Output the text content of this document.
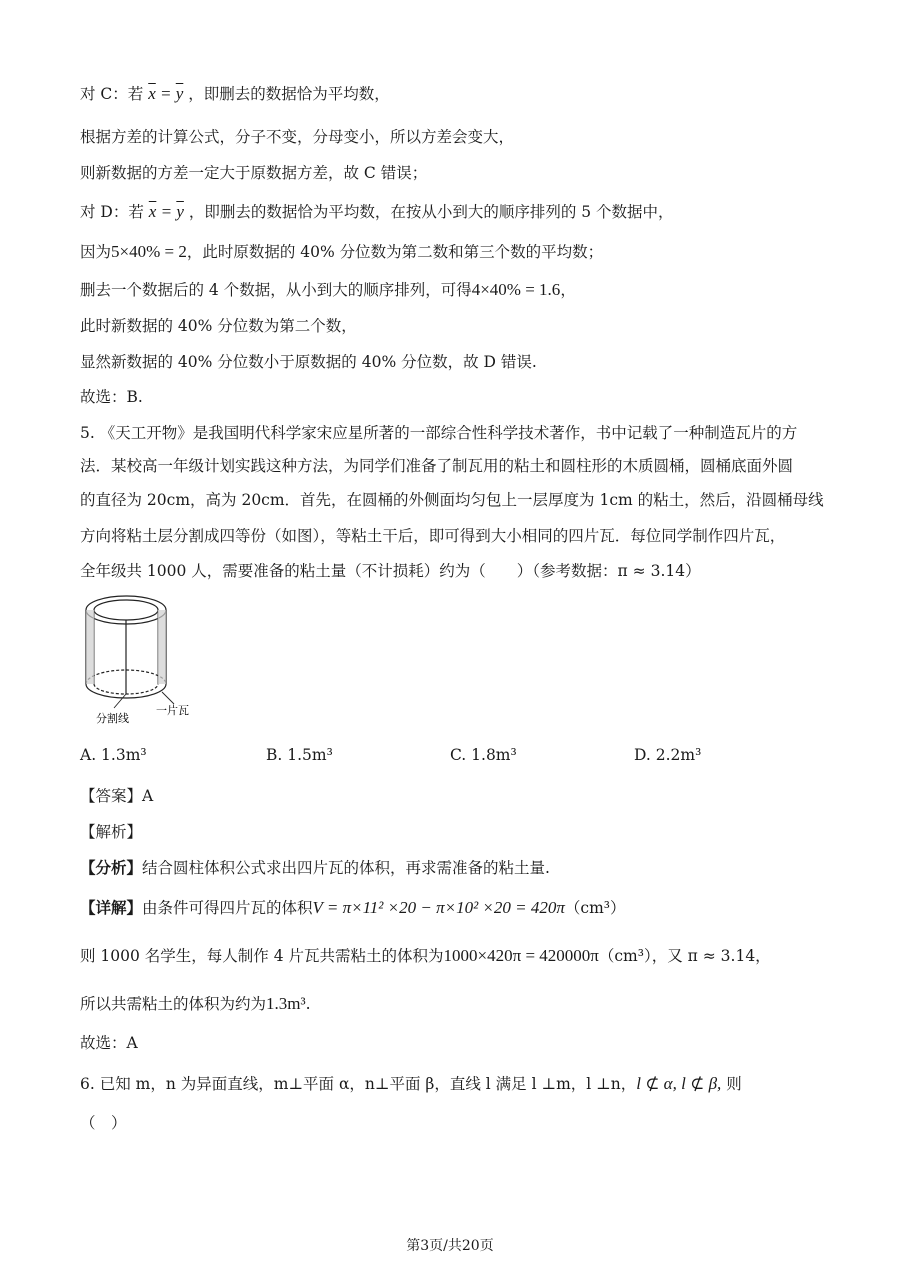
对 C：若 $\overline{x} = \overline{y}$ ，即删去的数据恰为平均数，
根据方差的计算公式，分子不变，分母变小，所以方差会变大，
则新数据的方差一定大于原数据方差，故 C 错误；
对 D：若 $\overline{x} = \overline{y}$ ，即删去的数据恰为平均数，在按从小到大的顺序排列的 5 个数据中，
因为5×40% = 2，此时原数据的 40% 分位数为第二数和第三个数的平均数；
删去一个数据后的 4 个数据，从小到大的顺序排列，可得4×40% = 1.6，
此时新数据的 40% 分位数为第二个数，
显然新数据的 40% 分位数小于原数据的 40% 分位数，故 D 错误.
故选：B.
5. 《天工开物》是我国明代科学家宋应星所著的一部综合性科学技术著作，书中记载了一种制造瓦片的方
法．某校高一年级计划实践这种方法，为同学们准备了制瓦用的粘土和圆柱形的木质圆桶，圆桶底面外圆
的直径为 20cm，高为 20cm．首先，在圆桶的外侧面均匀包上一层厚度为 1cm 的粘土，然后，沿圆桶母线
方向将粘土层分割成四等份（如图），等粘土干后，即可得到大小相同的四片瓦．每位同学制作四片瓦，
全年级共 1000 人，需要准备的粘土量（不计损耗）约为（　　）（参考数据：π ≈ 3.14）
分割线
一片瓦
A. 1.3m³	B. 1.5m³	C. 1.8m³	D. 2.2m³
【答案】A
【解析】
【分析】结合圆柱体积公式求出四片瓦的体积，再求需准备的粘土量.
【详解】由条件可得四片瓦的体积V = π×11² ×20 − π×10² ×20 = 420π（cm³）
则 1000 名学生，每人制作 4 片瓦共需粘土的体积为1000×420π = 420000π（cm³），又 π ≈ 3.14，
所以共需粘土的体积为约为1.3m³.
故选：A
6. 已知 m，n 为异面直线，m⊥平面 α，n⊥平面 β，直线 l 满足 l ⊥m，l ⊥n，l ⊄ α, l ⊄ β, 则
（　）
第3页/共20页
